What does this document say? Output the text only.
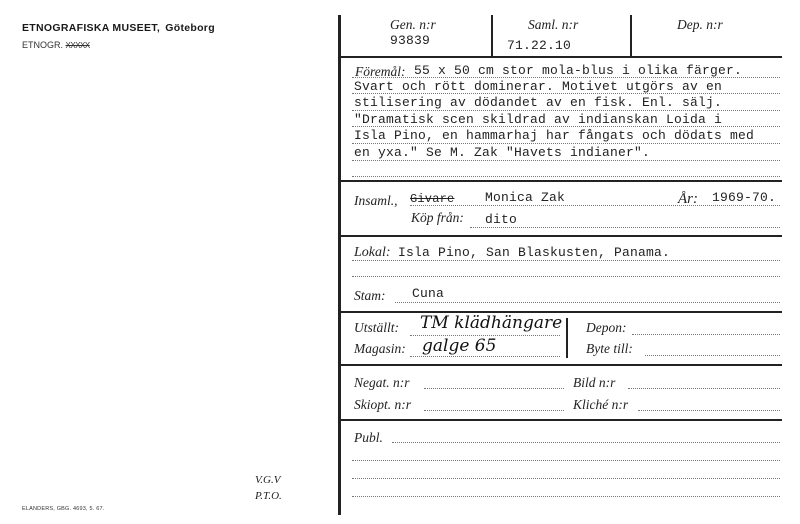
ETNOGRAFISKA MUSEET, Göteborg
ETNOGR. XXXXX
ELANDERS, GBG. 4693, 5. 67.
V.G.V
P.T.O.
Gen. n:r
93839
Saml. n:r
71.22.10
Dep. n:r
Föremål: 55 x 50 cm stor mola-blus i olika färger.
Svart och rött dominerar. Motivet utgörs av en
stilisering av dödandet av en fisk. Enl. sälj.
"Dramatisk scen skildrad av indianskan Loida i
Isla Pino, en hammarhaj har fångats och dödats med
en yxa." Se M. Zak "Havets indianer".
Insaml., Givare Monica Zak	År: 1969-70.
Köp från: dito
Lokal: Isla Pino, San Blaskusten, Panama.
Stam: Cuna
Utställt: TM klädhängare
Magasin: galge 65
Depon:
Byte till:
Negat. n:r	Bild n:r
Skiopt. n:r	Kliché n:r
Publ.
